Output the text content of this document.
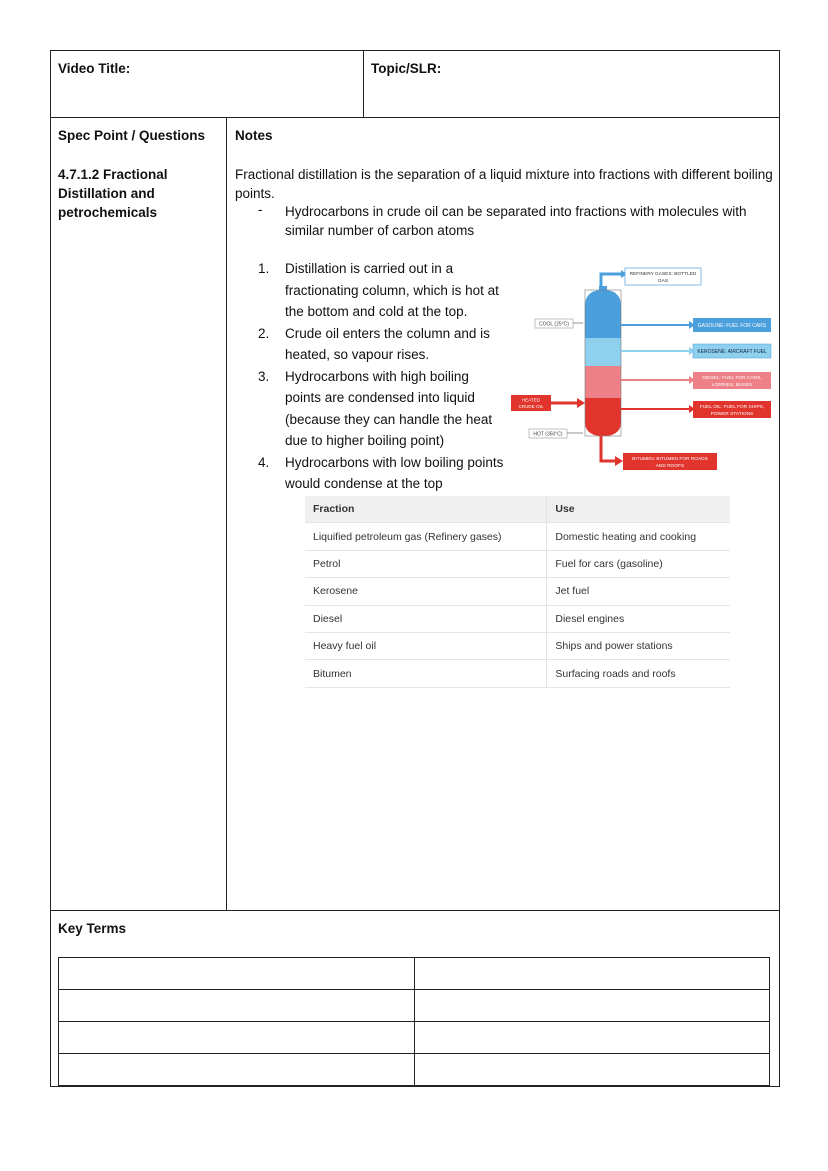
Video Title:	Topic/SLR:
Spec Point / Questions Notes
4.7.1.2 Fractional Distillation and petrochemicals
Fractional distillation is the separation of a liquid mixture into fractions with different boiling points.
- Hydrocarbons in crude oil can be separated into fractions with molecules with similar number of carbon atoms
1. Distillation is carried out in a fractionating column, which is hot at the bottom and cold at the top.
2. Crude oil enters the column and is heated, so vapour rises.
3. Hydrocarbons with high boiling points are condensed into liquid (because they can handle the heat due to higher boiling point)
4. Hydrocarbons with low boiling points would condense at the top
REFINERY GASES: BOTTLED
GAS
COOL (25°C)	GASOLINE: FUEL FOR CARS
KEROSENE: AIRCRAFT FUEL
DIESEL: FUEL FOR CARS,
LORRIES, BUSES
FUEL OIL: FUEL FOR SHIPS,
POWER STATIONS
HEATED
CRUDE OIL
HOT (350°C)
BITUMEN: BITUMEN FOR ROADS
AND ROOFS
Fraction	Use
Liquified petroleum gas (Refinery gases)	Domestic heating and cooking
Petrol	Fuel for cars (gasoline)
Kerosene	Jet fuel
Diesel	Diesel engines
Heavy fuel oil	Ships and power stations
Bitumen	Surfacing roads and roofs
Key Terms
